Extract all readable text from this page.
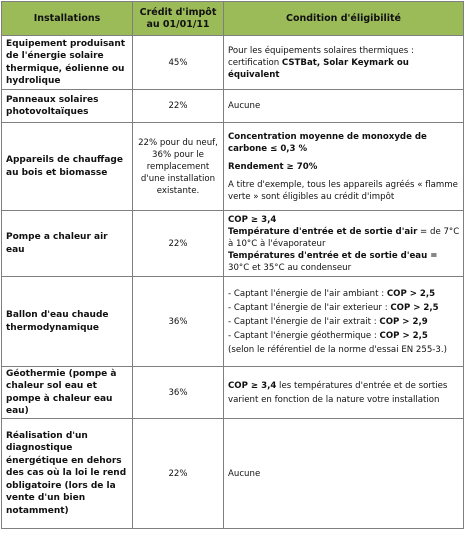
Installations	Crédit d'impôt au 01/01/11	Condition d'éligibilité
Equipement produisant de l'énergie solaire thermique, éolienne ou hydrolique	45%	Pour les équipements solaires thermiques : certification CSTBat, Solar Keymark ou équivalent
Panneaux solaires photovoltaïques	22%	Aucune
Appareils de chauffage au bois et biomasse	22% pour du neuf, 36% pour le remplacement d'une installation existante.	Concentration moyenne de monoxyde de carbone ≤ 0,3 %
Rendement ≥ 70%
A titre d'exemple, tous les appareils agréés « flamme verte » sont éligibles au crédit d'impôt

Pompe a chaleur air eau	22%	COP ≥ 3,4
Température d'entrée et de sortie d'air = de 7°C à 10°C à l'évaporateur
Températures d'entrée et de sortie d'eau = 30°C et 35°C au condenseur

Ballon d'eau chaude thermodynamique	36%	- Captant l'énergie de l'air ambiant : COP > 2,5
- Captant l'énergie de l'air exterieur : COP > 2,5
- Captant l'énergie de l'air extrait : COP > 2,9
- Captant l'énergie géothermique : COP > 2,5
(selon le référentiel de la norme d'essai EN 255-3.)

Géothermie (pompe à chaleur sol eau et pompe à chaleur eau eau)	36%	COP ≥ 3,4 les températures d'entrée et de sorties varient en fonction de la nature votre installation
Réalisation d'un diagnostique énergétique en dehors des cas où la loi le rend obligatoire (lors de la vente d'un bien notamment)	22%	Aucune
